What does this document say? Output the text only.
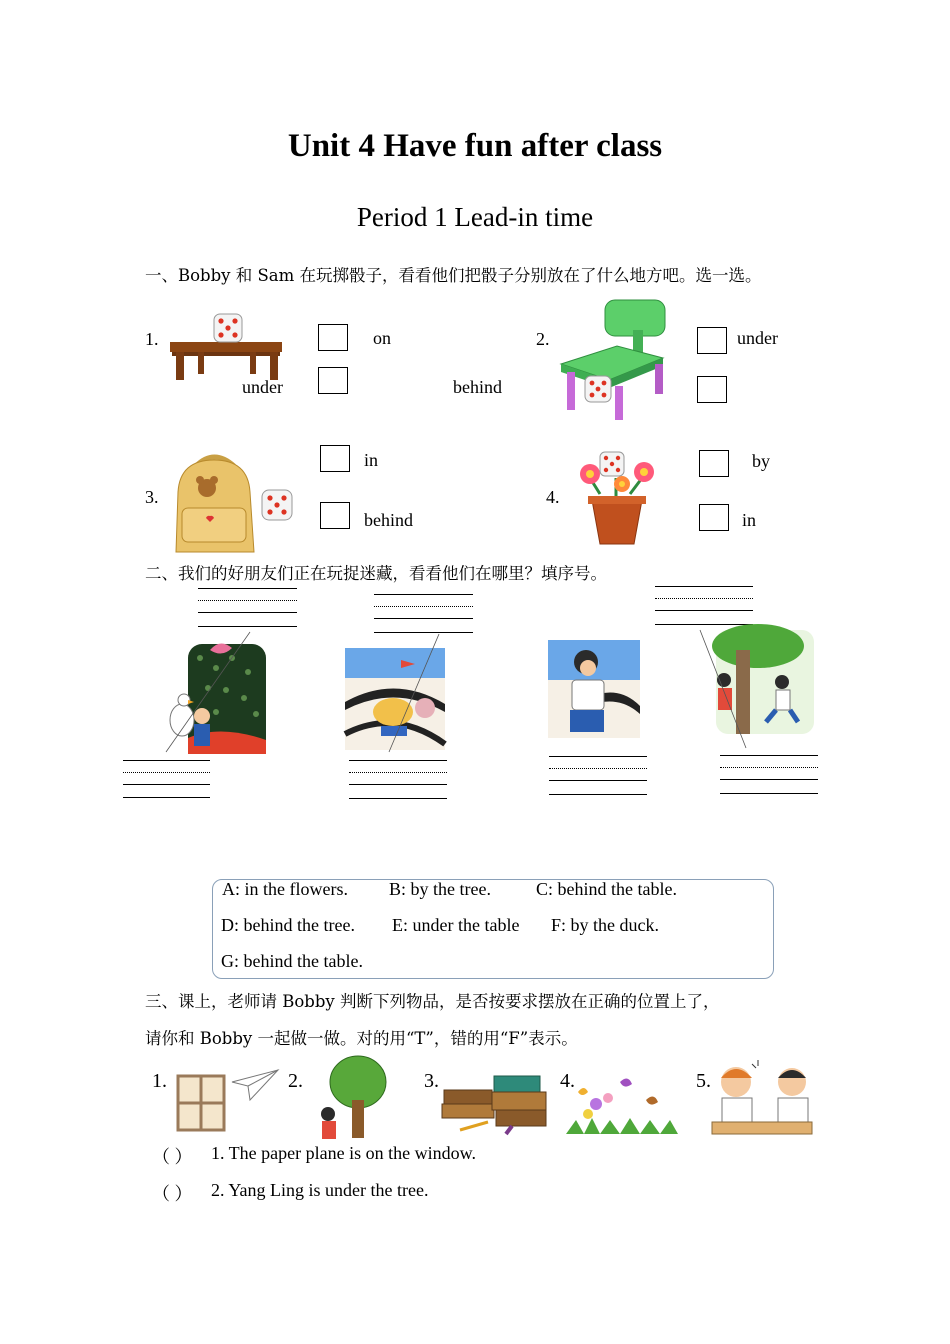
Unit 4 Have fun after class
Period 1 Lead-in time
一、Bobby 和 Sam 在玩掷骰子，看看他们把骰子分别放在了什么地方吧。选一选。
1.	on
under	behind
2.	under
3.
in
behind
4.
by
in
二、我们的好朋友们正在玩捉迷藏，看看他们在哪里？填序号。
A: in the flowers. B: by the tree.	C: behind the table.
D: behind the tree. E: under the table F: by the duck.
G: behind the table.
三、课上，老师请 Bobby 判断下列物品，是否按要求摆放在正确的位置上了，
请你和 Bobby 一起做一做。对的用“T”，错的用“F”表示。
1.	2.	3.	4.	5.
（ ） 1. The paper plane is on the window.
（ ） 2. Yang Ling is under the tree.
